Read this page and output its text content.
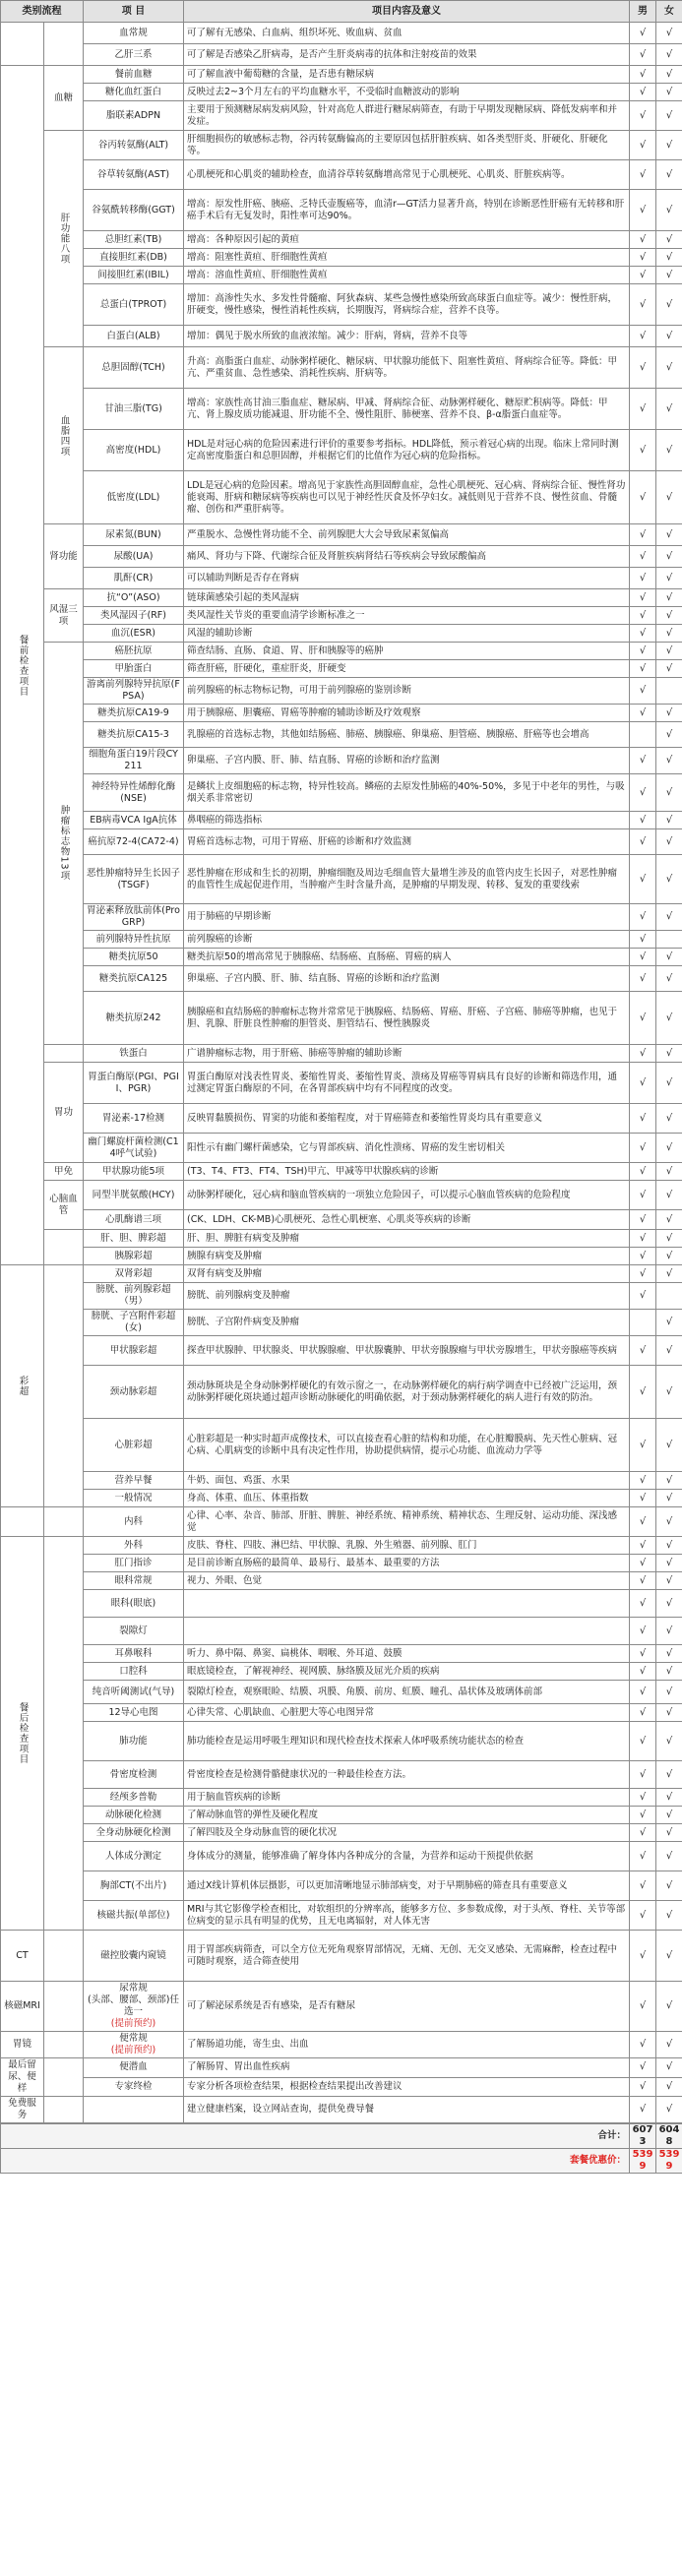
类别流程		项 目	项目内容及意义	男	女
		血常规	可了解有无感染、白血病、组织坏死、败血病、贫血	√	√
		乙肝三系	可了解是否感染乙肝病毒，是否产生肝炎病毒的抗体和注射疫苗的效果	√	√
餐前检查项目	血糖	餐前血糖	可了解血液中葡萄糖的含量，是否患有糖尿病	√	√
		糖化血红蛋白	反映过去2~3个月左右的平均血糖水平，不受临时血糖波动的影响	√	√
		脂联素ADPN	主要用于预测糖尿病发病风险，针对高危人群进行糖尿病筛查，有助于早期发现糖尿病、降低发病率和并发症。	√	√
	肝功能八项	谷丙转氨酶(ALT)	肝细胞损伤的敏感标志物，谷丙转氨酶偏高的主要原因包括肝脏疾病、如各类型肝炎、肝硬化、肝硬化等。	√	√
		谷草转氨酶(AST)	心肌梗死和心肌炎的辅助检查，血清谷草转氨酶增高常见于心肌梗死、心肌炎、肝脏疾病等。	√	√
		谷氨酰转移酶(GGT)	增高：原发性肝癌、胰癌、乏特氏壶腹癌等，血清r—GT活力显著升高，特别在诊断恶性肝癌有无转移和肝癌手术后有无复发时，阳性率可达90%。	√	√
		总胆红素(TB)	增高：各种原因引起的黄疸	√	√
		直接胆红素(DB)	增高：阻塞性黄疸、肝细胞性黄疸	√	√
		间接胆红素(IBIL)	增高：溶血性黄疸、肝细胞性黄疸	√	√
		总蛋白(TPROT)	增加：高渗性失水、多发性骨髓瘤、阿狄森病、某些急慢性感染所致高球蛋白血症等。减少：慢性肝病，肝硬变，慢性感染，慢性消耗性疾病，长期腹泻，肾病综合症，营养不良等。	√	√
		白蛋白(ALB)	增加：偶见于脱水所致的血液浓缩。减少：肝病，肾病，营养不良等	√	√
	血脂四项	总胆固醇(TCH)	升高：高脂蛋白血症、动脉粥样硬化、糖尿病、甲状腺功能低下、阻塞性黄疸、肾病综合征等。降低：甲亢、严重贫血、急性感染、消耗性疾病、肝病等。	√	√
		甘油三脂(TG)	增高：家族性高甘油三脂血症、糖尿病、甲减、肾病综合征、动脉粥样硬化、糖原贮积病等。降低：甲亢、肾上腺皮质功能减退、肝功能不全、慢性阻肝、肺梗塞、营养不良、β-α脂蛋白血症等。	√	√
		高密度(HDL)	HDL是对冠心病的危险因素进行评价的重要参考指标。HDL降低，预示着冠心病的出现。临床上常同时测定高密度脂蛋白和总胆固醇，并根据它们的比值作为冠心病的危险指标。	√	√
		低密度(LDL)	LDL是冠心病的危险因素。增高见于家族性高胆固醇血症，急性心肌梗死、冠心病、肾病综合征、慢性肾功能衰竭、肝病和糖尿病等疾病也可以见于神经性厌食及怀孕妇女。减低则见于营养不良、慢性贫血、骨髓瘤、创伤和严重肝病等。	√	√
	肾功能	尿素氮(BUN)	严重脱水、急慢性肾功能不全、前列腺肥大大会导致尿素氮偏高	√	√
		尿酸(UA)	痛风、肾功与下降、代谢综合征及肾脏疾病肾结石等疾病会导致尿酸偏高	√	√
		肌酐(CR)	可以辅助判断是否存在肾病	√	√
	风湿三项	抗“O”(ASO)	链球菌感染引起的类风湿病	√	√
		类风湿因子(RF)	类风湿性关节炎的重要血清学诊断标准之一	√	√
		血沉(ESR)	风湿的辅助诊断	√	√
	肿瘤标志物13项	癌胚抗原	筛查结肠、直肠、食道、胃、肝和胰腺等的癌肿	√	√
		甲胎蛋白	筛查肝癌，肝硬化，重症肝炎，肝硬变	√	√
		游离前列腺特异抗原(FPSA)	前列腺癌的标志物标记物，可用于前列腺癌的鉴别诊断	√	
		糖类抗原CA19-9	用于胰腺癌、胆囊癌、胃癌等肿瘤的辅助诊断及疗效观察	√	√
		糖类抗原CA15-3	乳腺癌的首选标志物，其他如结肠癌、肺癌、胰腺癌、卵巢癌、胆管癌、胰腺癌、肝癌等也会增高		√
		细胞角蛋白19片段CY211	卵巢癌、子宫内膜、肝、肺、结直肠、胃癌的诊断和治疗监测	√	√
		神经特异性烯醇化酶(NSE)	是鳞状上皮细胞癌的标志物，特异性较高。鳞癌的去原发性肺癌的40%-50%，多见于中老年的男性，与吸烟关系非常密切	√	√
		EB病毒VCA IgA抗体	鼻咽癌的筛选指标	√	√
		癌抗原72-4(CA72-4)	胃癌首选标志物，可用于胃癌、肝癌的诊断和疗效监测	√	√
		恶性肿瘤特异生长因子(TSGF)	恶性肿瘤在形成和生长的初期，肿瘤细胞及周边毛细血管大量增生涉及的血管内皮生长因子，对恶性肿瘤的血管性生成起促进作用，当肿瘤产生时含量升高，是肿瘤的早期发现、转移、复发的重要线索	√	√
		胃泌素释放肽前体(ProGRP)	用于肺癌的早期诊断	√	√
		前列腺特异性抗原	前列腺癌的诊断	√	
		糖类抗原50	糖类抗原50的增高常见于胰腺癌、结肠癌、直肠癌、胃癌的病人	√	√
		糖类抗原CA125	卵巢癌、子宫内膜、肝、肺、结直肠、胃癌的诊断和治疗监测	√	√
		糖类抗原242	胰腺癌和直结肠癌的肿瘤标志物并常常见于胰腺癌、结肠癌、胃癌、肝癌、子宫癌、肺癌等肿瘤，也见于胆、乳腺、肝脏良性肿瘤的胆管炎、胆管结石、慢性胰腺炎	√	√
		铁蛋白	广谱肿瘤标志物，用于肝癌、肺癌等肿瘤的辅助诊断	√	√
	胃功	胃蛋白酶原(PGI、PGII、PGR)	胃蛋白酶原对浅表性胃炎、萎缩性胃炎、萎缩性胃炎、溃疡及胃癌等胃病具有良好的诊断和筛选作用，通过测定胃蛋白酶原的不同，在各胃部疾病中均有不同程度的改变。	√	√
		胃泌素-17检测	反映胃黏膜损伤、胃窦的功能和萎缩程度，对于胃癌筛查和萎缩性胃炎均具有重要意义	√	√
		幽门螺旋杆菌检测(C14呼气试验)	阳性示有幽门螺杆菌感染，它与胃部疾病、消化性溃疡、胃癌的发生密切相关	√	√
	甲免	甲状腺功能5项	(T3、T4、FT3、FT4、TSH)甲亢、甲减等甲状腺疾病的诊断	√	√
	心脑血管	同型半胱氨酸(HCY)	动脉粥样硬化，冠心病和脑血管疾病的一项独立危险因子，可以提示心脑血管疾病的危险程度	√	√
		心肌酶谱三项	(CK、LDH、CK-MB)心肌梗死、急性心肌梗塞、心肌炎等疾病的诊断	√	√
		肝、胆、脾彩超	肝、胆、脾脏有病变及肿瘤	√	√
		胰腺彩超	胰腺有病变及肿瘤	√	√
彩超		双肾彩超	双肾有病变及肿瘤	√	√
		膀胱、前列腺彩超（男）	膀胱、前列腺病变及肿瘤	√	
		膀胱、子宫附件彩超(女)	膀胱、子宫附件病变及肿瘤		√
		甲状腺彩超	探查甲状腺肿、甲状腺炎、甲状腺腺瘤、甲状腺囊肿、甲状旁腺腺瘤与甲状旁腺增生，甲状旁腺癌等疾病	√	√
		颈动脉彩超	颈动脉斑块是全身动脉粥样硬化的有效示窗之一，在动脉粥样硬化的病行病学调查中已经被广泛运用，颈动脉粥样硬化斑块通过超声诊断动脉硬化的明确依据，对于颈动脉粥样硬化的病人进行有效的防治。	√	√
		心脏彩超	心脏彩超是一种实时超声成像技术，可以直接查看心脏的结构和功能，在心脏瓣膜病、先天性心脏病、冠心病、心肌病变的诊断中具有决定性作用，协助提供病情，提示心功能、血流动力学等	√	√
		营养早餐	牛奶、面包、鸡蛋、水果	√	√
		一般情况	身高、体重、血压、体重指数	√	√
		内科	心律、心率、杂音、肺部、肝脏、脾脏、神经系统、精神系统、精神状态、生理反射、运动功能、深浅感觉	√	√
餐后检查项目		外科	皮肤、脊柱、四肢、淋巴结、甲状腺、乳腺、外生殖器、前列腺、肛门	√	√
		肛门指诊	是目前诊断直肠癌的最简单、最易行、最基本、最重要的方法	√	√
		眼科常规	视力、外眼、色觉	√	√
		眼科(眼底)		√	√
		裂隙灯		√	√
		耳鼻喉科	听力、鼻中隔、鼻窦、扁桃体、咽喉、外耳道、鼓膜	√	√
		口腔科	眼底镜检查，了解视神经、视网膜、脉络膜及屈光介质的疾病	√	√
		纯音听阈测试(气导)	裂隙灯检查，观察眼睑、结膜、巩膜、角膜、前房、虹膜、瞳孔、晶状体及玻璃体前部	√	√
		12导心电图	心律失常、心肌缺血、心脏肥大等心电图异常	√	√
		肺功能	肺功能检查是运用呼吸生理知识和现代检查技术探索人体呼吸系统功能状态的检查	√	√
		骨密度检测	骨密度检查是检测骨骼健康状况的一种最佳检查方法。	√	√
		经颅多普勒	用于脑血管疾病的诊断	√	√
		动脉硬化检测	了解动脉血管的弹性及硬化程度	√	√
		全身动脉硬化检测	了解四肢及全身动脉血管的硬化状况	√	√
		人体成分测定	身体成分的测量，能够准确了解身体内各种成分的含量，为营养和运动干预提供依据	√	√
		胸部CT(不出片)	通过X线计算机体层摄影，可以更加清晰地显示肺部病变，对于早期肺癌的筛查具有重要意义	√	√
		核磁共振(单部位)	MRI与其它影像学检查相比，对软组织的分辨率高，能够多方位、多参数成像，对于头颅、脊柱、关节等部位病变的显示具有明显的优势，且无电离辐射，对人体无害	√	√
CT		磁控胶囊内窥镜	用于胃部疾病筛查，可以全方位无死角观察胃部情况，无痛、无创、无交叉感染、无需麻醉，检查过程中可随时观察，适合筛查使用	√	√
核磁MRI		尿常规
(头部、腰部、颈部)任选一
(提前预约)	可了解泌尿系统是否有感染，是否有糖尿	√	√
胃镜		便常规
(提前预约)	了解肠道功能，寄生虫、出血	√	√
最后留尿、便样		便潜血	了解肠胃、胃出血性疾病	√	√
		专家终检	专家分析各项检查结果，根据检查结果提出改善建议	√	√
免费服务			建立健康档案，设立网站查询，提供免费导餐	√	√
合计：	6073	6048
套餐优惠价：	5399	5399
